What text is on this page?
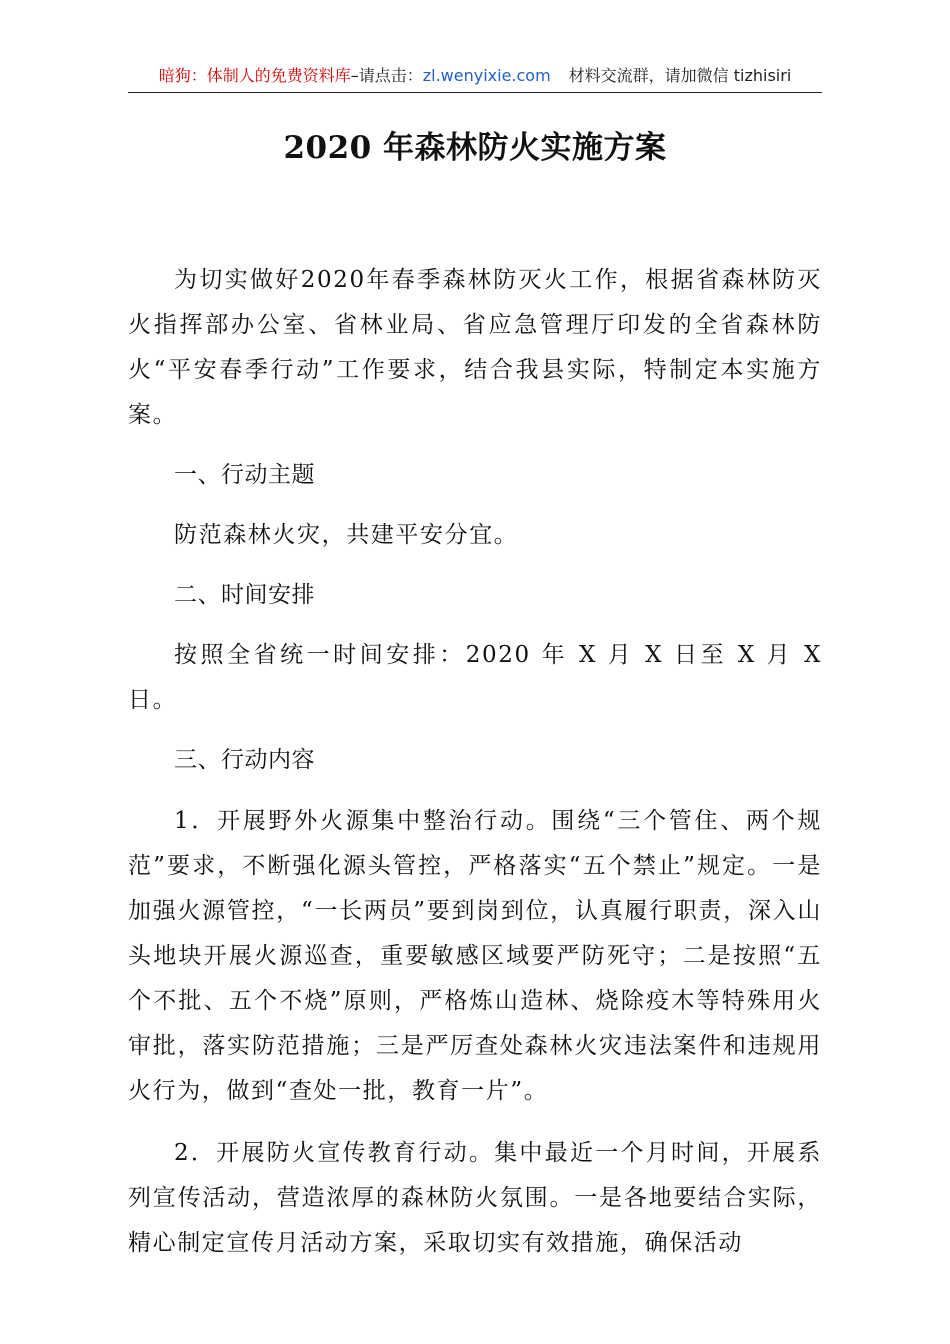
暗狗：体制人的免费资料库–请点击：zl.wenyixie.com 材料交流群，请加微信 tizhisiri
2020 年森林防火实施方案

为切实做好2020年春季森林防灭火工作，根据省森林防灭火指挥部办公室、省林业局、省应急管理厅印发的全省森林防火“平安春季行动”工作要求，结合我县实际，特制定本实施方案。

一、行动主题

防范森林火灾，共建平安分宜。

二、时间安排

按照全省统一时间安排：2020 年 X 月 X 日至 X 月 X 日。

三、行动内容

1．开展野外火源集中整治行动。围绕“三个管住、两个规范”要求，不断强化源头管控，严格落实“五个禁止”规定。一是加强火源管控，“一长两员”要到岗到位，认真履行职责，深入山头地块开展火源巡查，重要敏感区域要严防死守；二是按照“五个不批、五个不烧”原则，严格炼山造林、烧除疫木等特殊用火审批，落实防范措施；三是严厉查处森林火灾违法案件和违规用火行为，做到“查处一批，教育一片”。

2．开展防火宣传教育行动。集中最近一个月时间，开展系列宣传活动，营造浓厚的森林防火氛围。一是各地要结合实际，精心制定宣传月活动方案，采取切实有效措施，确保活动
